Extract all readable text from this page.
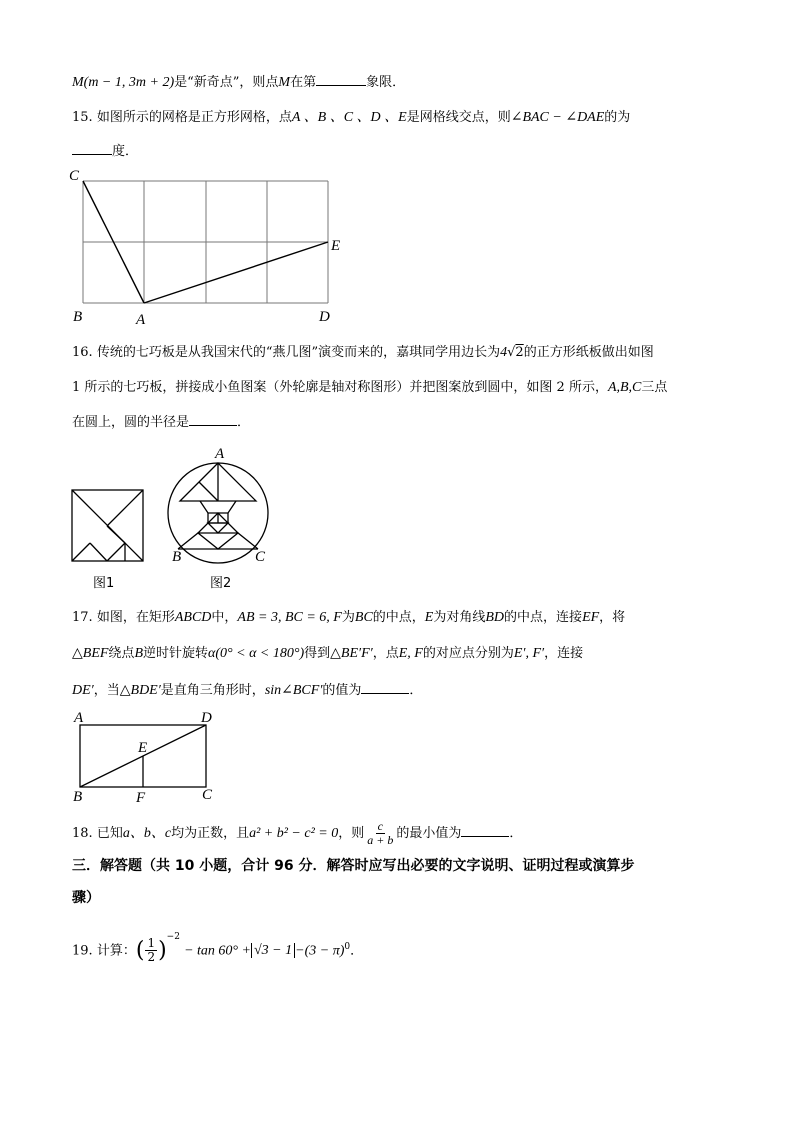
M(m − 1, 3m + 2)是“新奇点”，则点M在第	象限．
15. 如图所示的网格是正方形网格，点A 、B 、C 、D 、E是网格线交点，则∠BAC − ∠DAE的为
度．
C
B	A	D
E
16. 传统的七巧板是从我国宋代的“燕几图”演变而来的，嘉琪同学用边长为4√2的正方形纸板做出如图
1 所示的七巧板，拼接成小鱼图案（外轮廓是轴对称图形）并把图案放到圆中，如图 2 所示，A,B,C三点
在圆上，圆的半径是	．
图1
A
B	C
图2
17. 如图，在矩形ABCD中，AB = 3, BC = 6, F为BC的中点，E为对角线BD的中点，连接EF，将
△BEF绕点B逆时针旋转α(0° < α < 180°)得到△BE′F′，点E, F的对应点分别为E′, F′，连接
DE′，当△BDE′是直角三角形时，sin∠BCF′的值为	．
A	D
E
B	F	C
18. 已知a、b、c均为正数，且a² + b² − c² = 0，则 $\frac{c}{a + b}$ 的最小值为	．
三．解答题（共 10 小题，合计 96 分．解答时应写出必要的文字说明、证明过程或演算步
骤）
19. 计算：( $\frac{1}{2} )^{-2} - \tan 60^\circ + √3 - 1 -(3 - \pi)^0$．
